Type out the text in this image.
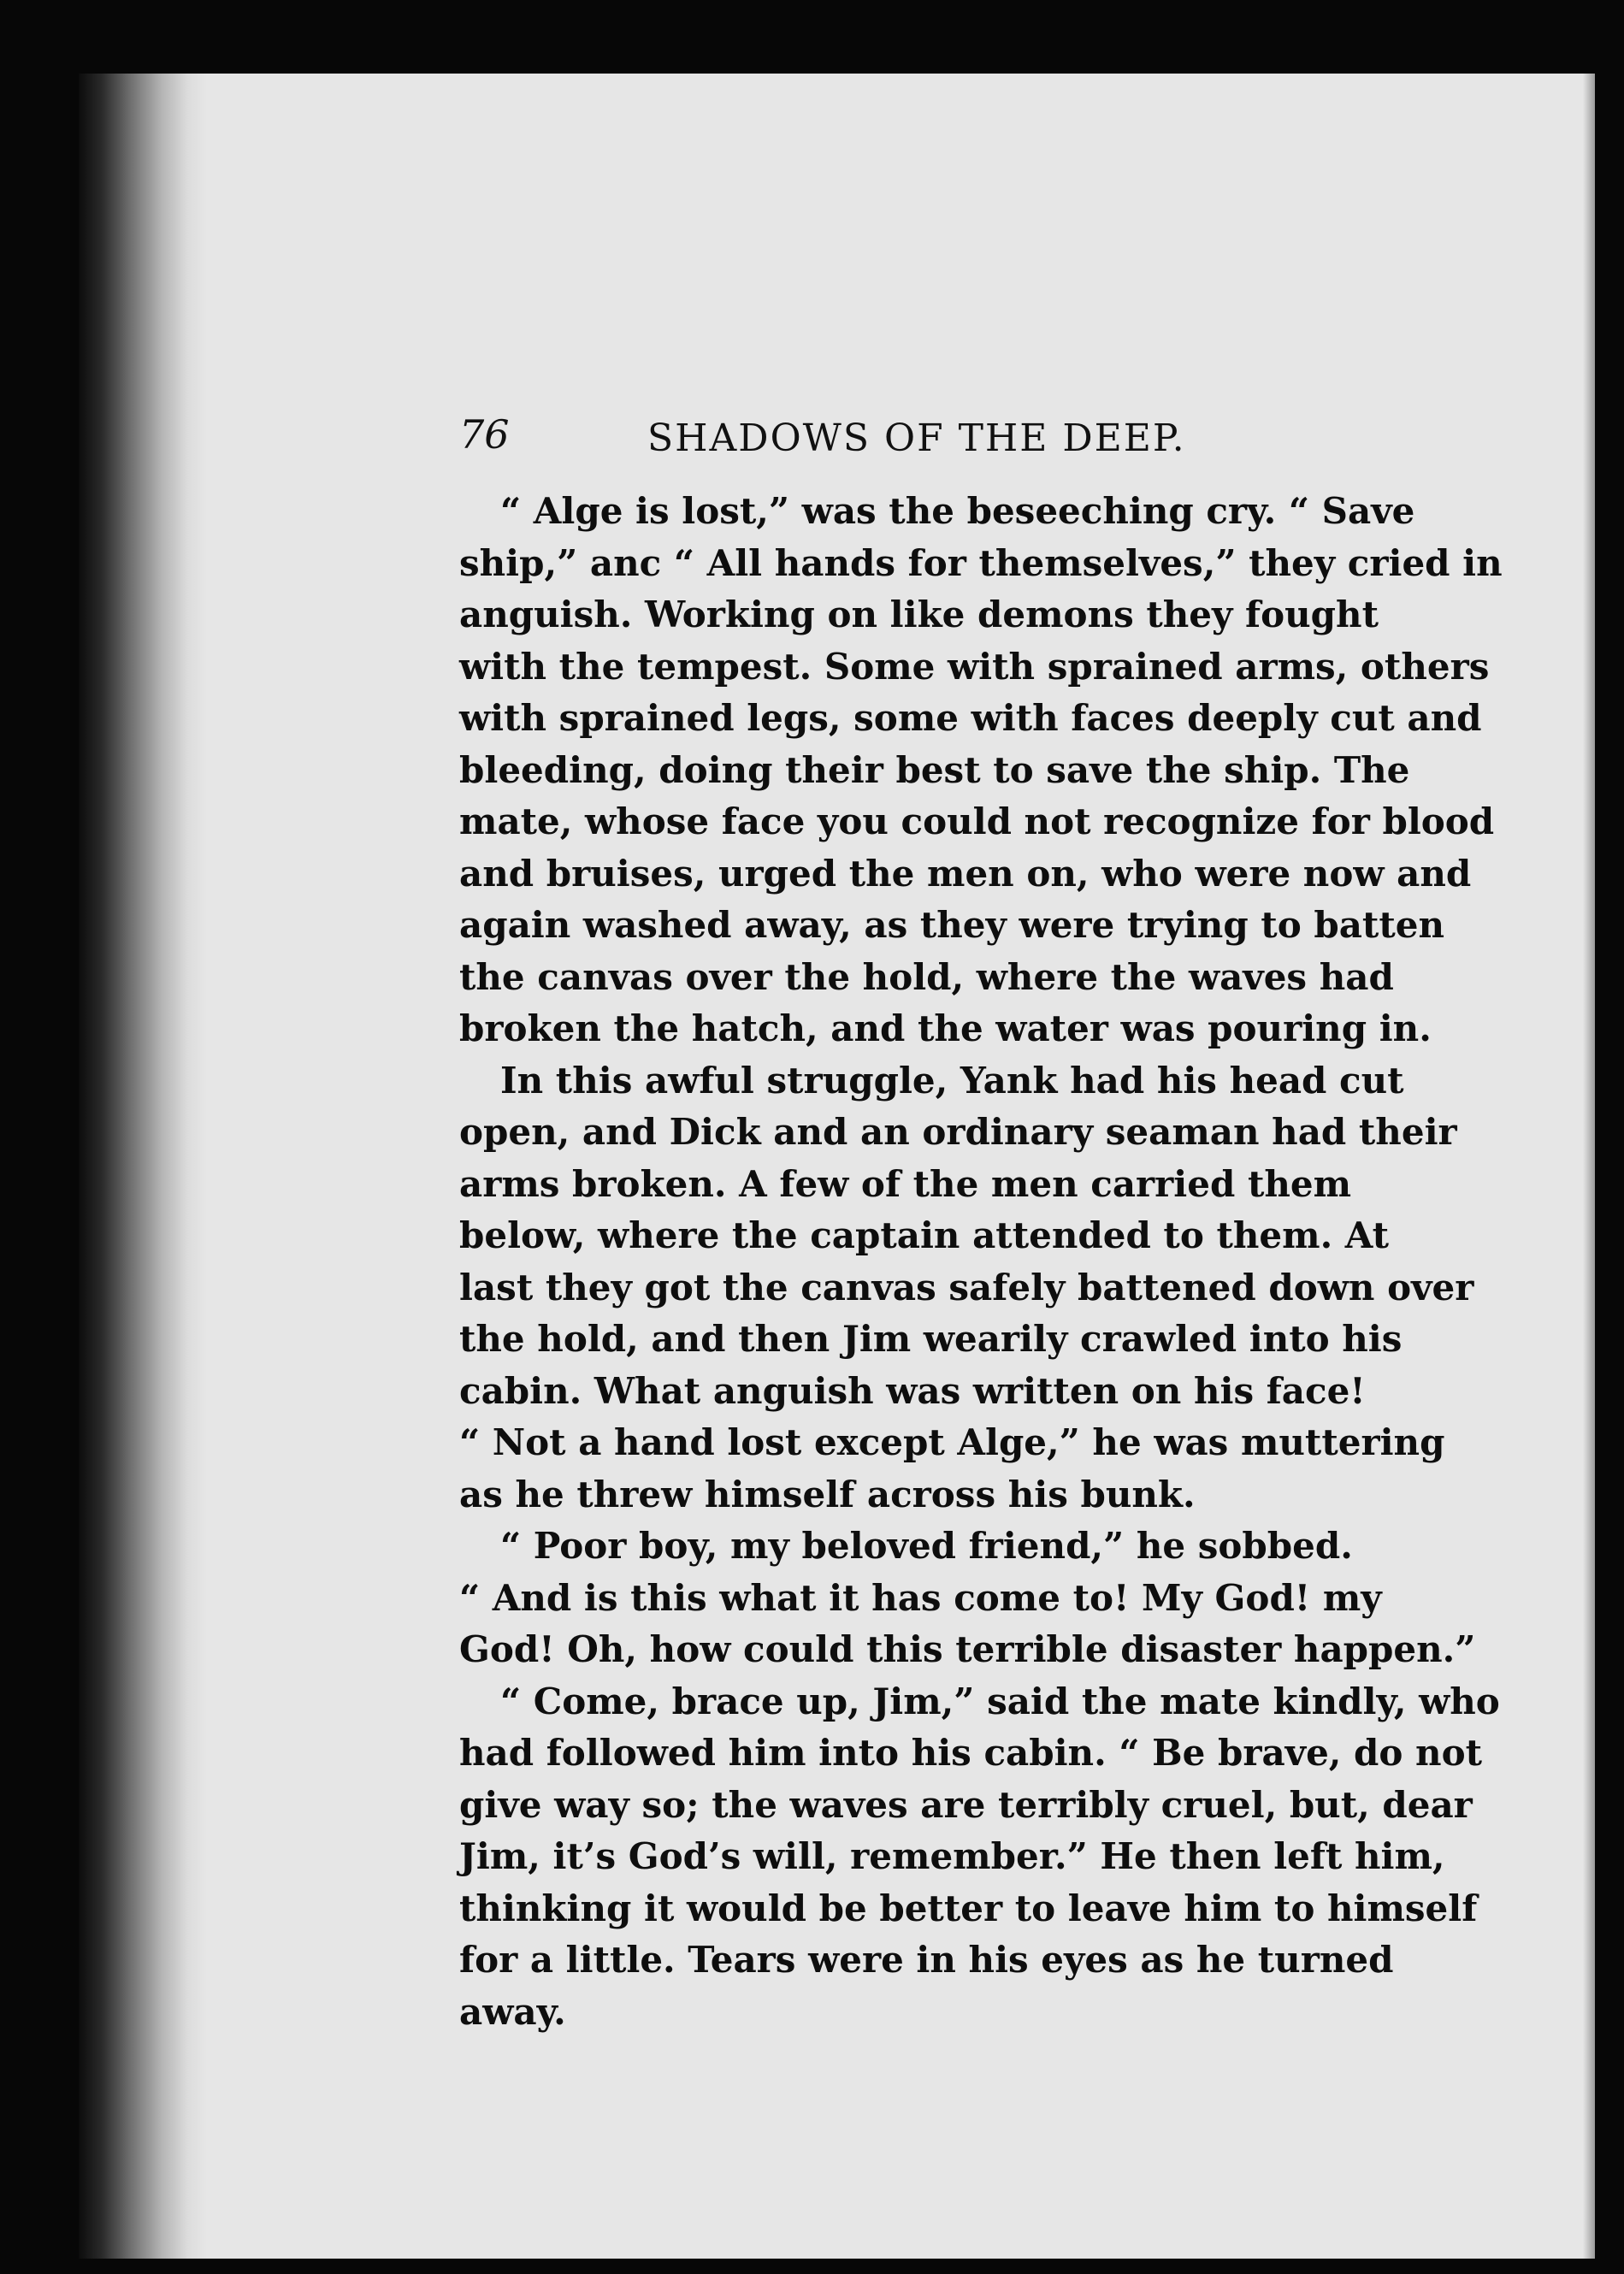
76	SHADOWS OF THE DEEP.
“ Alge is lost,” was the beseeching cry. “ Save
ship,” anc “ All hands for themselves,” they cried in
anguish. Working on like demons they fought
with the tempest. Some with sprained arms, others
with sprained legs, some with faces deeply cut and
bleeding, doing their best to save the ship. The
mate, whose face you could not recognize for blood
and bruises, urged the men on, who were now and
again washed away, as they were trying to batten
the canvas over the hold, where the waves had
broken the hatch, and the water was pouring in.
In this awful struggle, Yank had his head cut
open, and Dick and an ordinary seaman had their
arms broken. A few of the men carried them
below, where the captain attended to them. At
last they got the canvas safely battened down over
the hold, and then Jim wearily crawled into his
cabin. What anguish was written on his face!
“ Not a hand lost except Alge,” he was muttering
as he threw himself across his bunk.
“ Poor boy, my beloved friend,” he sobbed.
“ And is this what it has come to! My God! my
God! Oh, how could this terrible disaster happen.”
“ Come, brace up, Jim,” said the mate kindly, who
had followed him into his cabin. “ Be brave, do not
give way so; the waves are terribly cruel, but, dear
Jim, it’s God’s will, remember.” He then left him,
thinking it would be better to leave him to himself
for a little. Tears were in his eyes as he turned
away.
